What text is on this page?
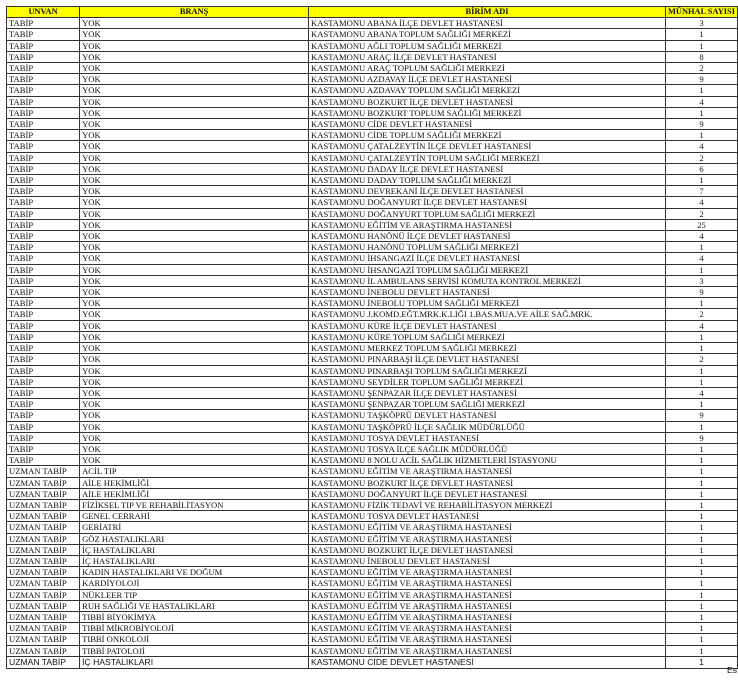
UNVAN	BRANŞ	BİRİM ADI	MÜNHAL SAYISI
TABİP	YOK	KASTAMONU ABANA İLÇE DEVLET HASTANESİ	3
TABİP	YOK	KASTAMONU ABANA TOPLUM SAĞLIĞI MERKEZİ	1
TABİP	YOK	KASTAMONU AĞLI TOPLUM SAĞLIĞI MERKEZİ	1
TABİP	YOK	KASTAMONU ARAÇ İLÇE DEVLET HASTANESİ	8
TABİP	YOK	KASTAMONU ARAÇ TOPLUM SAĞLIĞI MERKEZİ	2
TABİP	YOK	KASTAMONU AZDAVAY İLÇE DEVLET HASTANESİ	9
TABİP	YOK	KASTAMONU AZDAVAY TOPLUM SAĞLIĞI MERKEZİ	1
TABİP	YOK	KASTAMONU BOZKURT İLÇE DEVLET HASTANESİ	4
TABİP	YOK	KASTAMONU BOZKURT TOPLUM SAĞLIĞI MERKEZİ	1
TABİP	YOK	KASTAMONU CİDE DEVLET HASTANESİ	9
TABİP	YOK	KASTAMONU CİDE TOPLUM SAĞLIĞI MERKEZİ	1
TABİP	YOK	KASTAMONU ÇATALZEYTİN İLÇE DEVLET HASTANESİ	4
TABİP	YOK	KASTAMONU ÇATALZEYTİN TOPLUM SAĞLIĞI MERKEZİ	2
TABİP	YOK	KASTAMONU DADAY İLÇE DEVLET HASTANESİ	6
TABİP	YOK	KASTAMONU DADAY TOPLUM SAĞLIĞI MERKEZİ	1
TABİP	YOK	KASTAMONU DEVREKANİ İLÇE DEVLET HASTANESİ	7
TABİP	YOK	KASTAMONU DOĞANYURT İLÇE DEVLET HASTANESİ	4
TABİP	YOK	KASTAMONU DOĞANYURT TOPLUM SAĞLIĞI MERKEZİ	2
TABİP	YOK	KASTAMONU EĞİTİM VE ARAŞTIRMA HASTANESİ	25
TABİP	YOK	KASTAMONU HANÖNÜ İLÇE DEVLET HASTANESİ	4
TABİP	YOK	KASTAMONU HANÖNÜ TOPLUM SAĞLIĞI MERKEZİ	1
TABİP	YOK	KASTAMONU İHSANGAZİ İLÇE DEVLET HASTANESİ	4
TABİP	YOK	KASTAMONU İHSANGAZİ TOPLUM SAĞLIĞI MERKEZİ	1
TABİP	YOK	KASTAMONU İL AMBULANS SERVİSİ KOMUTA KONTROL MERKEZİ	3
TABİP	YOK	KASTAMONU İNEBOLU DEVLET HASTANESİ	9
TABİP	YOK	KASTAMONU İNEBOLU TOPLUM SAĞLIĞI MERKEZİ	1
TABİP	YOK	KASTAMONU J.KOMD.EĞT.MRK.K.LIĞI 1.BAS.MUA.VE AİLE SAĞ.MRK.	2
TABİP	YOK	KASTAMONU KÜRE İLÇE DEVLET HASTANESİ	4
TABİP	YOK	KASTAMONU KÜRE TOPLUM SAĞLIĞI MERKEZİ	1
TABİP	YOK	KASTAMONU MERKEZ TOPLUM SAĞLIĞI MERKEZİ	1
TABİP	YOK	KASTAMONU PINARBAŞI İLÇE DEVLET HASTANESİ	2
TABİP	YOK	KASTAMONU PINARBAŞI TOPLUM SAĞLIĞI MERKEZİ	1
TABİP	YOK	KASTAMONU SEYDİLER TOPLUM SAĞLIĞI MERKEZİ	1
TABİP	YOK	KASTAMONU ŞENPAZAR İLÇE DEVLET HASTANESİ	4
TABİP	YOK	KASTAMONU ŞENPAZAR TOPLUM SAĞLIĞI MERKEZİ	1
TABİP	YOK	KASTAMONU TAŞKÖPRÜ DEVLET HASTANESİ	9
TABİP	YOK	KASTAMONU TAŞKÖPRÜ İLÇE SAĞLIK MÜDÜRLÜĞÜ	1
TABİP	YOK	KASTAMONU TOSYA DEVLET HASTANESİ	9
TABİP	YOK	KASTAMONU TOSYA İLÇE SAĞLIK MÜDÜRLÜĞÜ	1
TABİP	YOK	KASTAMONU 8 NOLU ACİL SAĞLIK HİZMETLERİ İSTASYONU	1
UZMAN TABİP	ACİL TIP	KASTAMONU EĞİTİM VE ARAŞTIRMA HASTANESİ	1
UZMAN TABİP	AİLE HEKİMLİĞİ	KASTAMONU BOZKURT İLÇE DEVLET HASTANESİ	1
UZMAN TABİP	AİLE HEKİMLİĞİ	KASTAMONU DOĞANYURT İLÇE DEVLET HASTANESİ	1
UZMAN TABİP	FİZİKSEL TIP VE REHABİLİTASYON	KASTAMONU FİZİK TEDAVİ VE REHABİLİTASYON MERKEZİ	1
UZMAN TABİP	GENEL CERRAHİ	KASTAMONU TOSYA DEVLET HASTANESİ	1
UZMAN TABİP	GERİATRİ	KASTAMONU EĞİTİM VE ARAŞTIRMA HASTANESİ	1
UZMAN TABİP	GÖZ HASTALIKLARI	KASTAMONU EĞİTİM VE ARAŞTIRMA HASTANESİ	1
UZMAN TABİP	İÇ HASTALIKLARI	KASTAMONU BOZKURT İLÇE DEVLET HASTANESİ	1
UZMAN TABİP	İÇ HASTALIKLARI	KASTAMONU İNEBOLU DEVLET HASTANESİ	1
UZMAN TABİP	KADIN HASTALIKLARI VE DOĞUM	KASTAMONU EĞİTİM VE ARAŞTIRMA HASTANESİ	1
UZMAN TABİP	KARDİYOLOJİ	KASTAMONU EĞİTİM VE ARAŞTIRMA HASTANESİ	1
UZMAN TABİP	NÜKLEER TIP	KASTAMONU EĞİTİM VE ARAŞTIRMA HASTANESİ	1
UZMAN TABİP	RUH SAĞLIĞI VE HASTALIKLARI	KASTAMONU EĞİTİM VE ARAŞTIRMA HASTANESİ	1
UZMAN TABİP	TIBBİ BİYOKİMYA	KASTAMONU EĞİTİM VE ARAŞTIRMA HASTANESİ	1
UZMAN TABİP	TIBBİ MİKROBİYOLOJİ	KASTAMONU EĞİTİM VE ARAŞTIRMA HASTANESİ	1
UZMAN TABİP	TIBBİ ONKOLOJİ	KASTAMONU EĞİTİM VE ARAŞTIRMA HASTANESİ	1
UZMAN TABİP	TIBBİ PATOLOJİ	KASTAMONU EĞİTİM VE ARAŞTIRMA HASTANESİ	1
UZMAN TABİP	İÇ HASTALIKLARI	KASTAMONU CİDE DEVLET HASTANESİ	1
Es
